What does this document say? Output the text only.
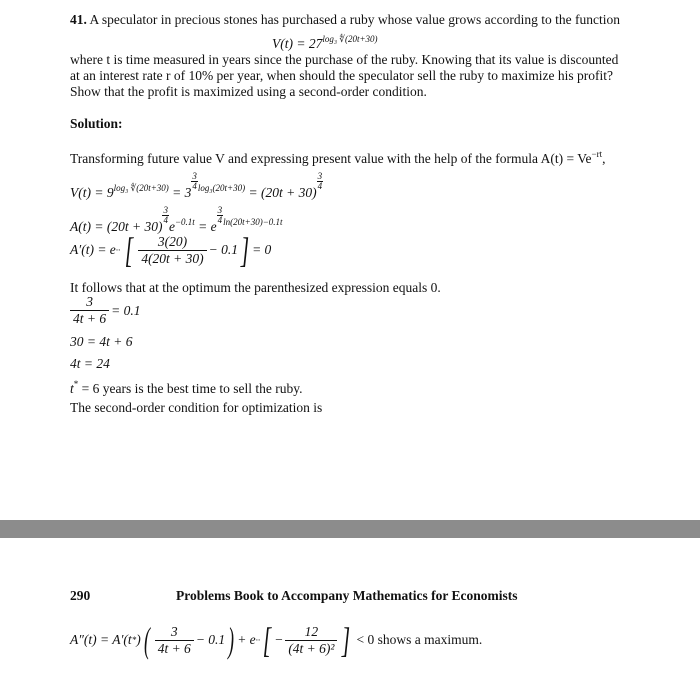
41. A speculator in precious stones has purchased a ruby whose value grows according to the function
$V(t) = 27^{log_3 ∜(20t+30)}$
where t is time measured in years since the purchase of the ruby. Knowing that its value is discounted
at an interest rate r of 10% per year, when should the speculator sell the ruby to maximize his profit?
Show that the profit is maximized using a second-order condition.
Solution:
Transforming future value V and expressing present value with the help of the formula $A(t) = Ve^{-rt}$,
$V(t) = 9^{log_3 ∜(20t+30)} = 3$
$\frac{3}{4} ^{log_3(20t+30)} = (20t + 30)$
$\frac{3}{4}$
A(t) = (20t + 30)
$\frac{3}{4}$
$e^{-0.1t} = e$
$\frac{3}{4} ^{ln(20t+30)-0.1t}$
A′(t) = e ·· [ $\frac{3(20)}{4(20t + 30)} - 0.1$ ] = 0
It follows that at the optimum the parenthesized expression equals 0.
$\frac{3}{4t + 6} = 0.1$
30 = 4t + 6
4t = 24
t* = 6 years is the best time to sell the ruby.
The second-order condition for optimization is
290	Problems Book to Accompany Mathematics for Economists
A″(t) = A′(t * ) ( $\frac{3}{4t + 6} - 0.1$ ) + e ·· [ − $\frac{12}{\text{(4t + 6)²}}$ ] < 0 shows a maximum.
